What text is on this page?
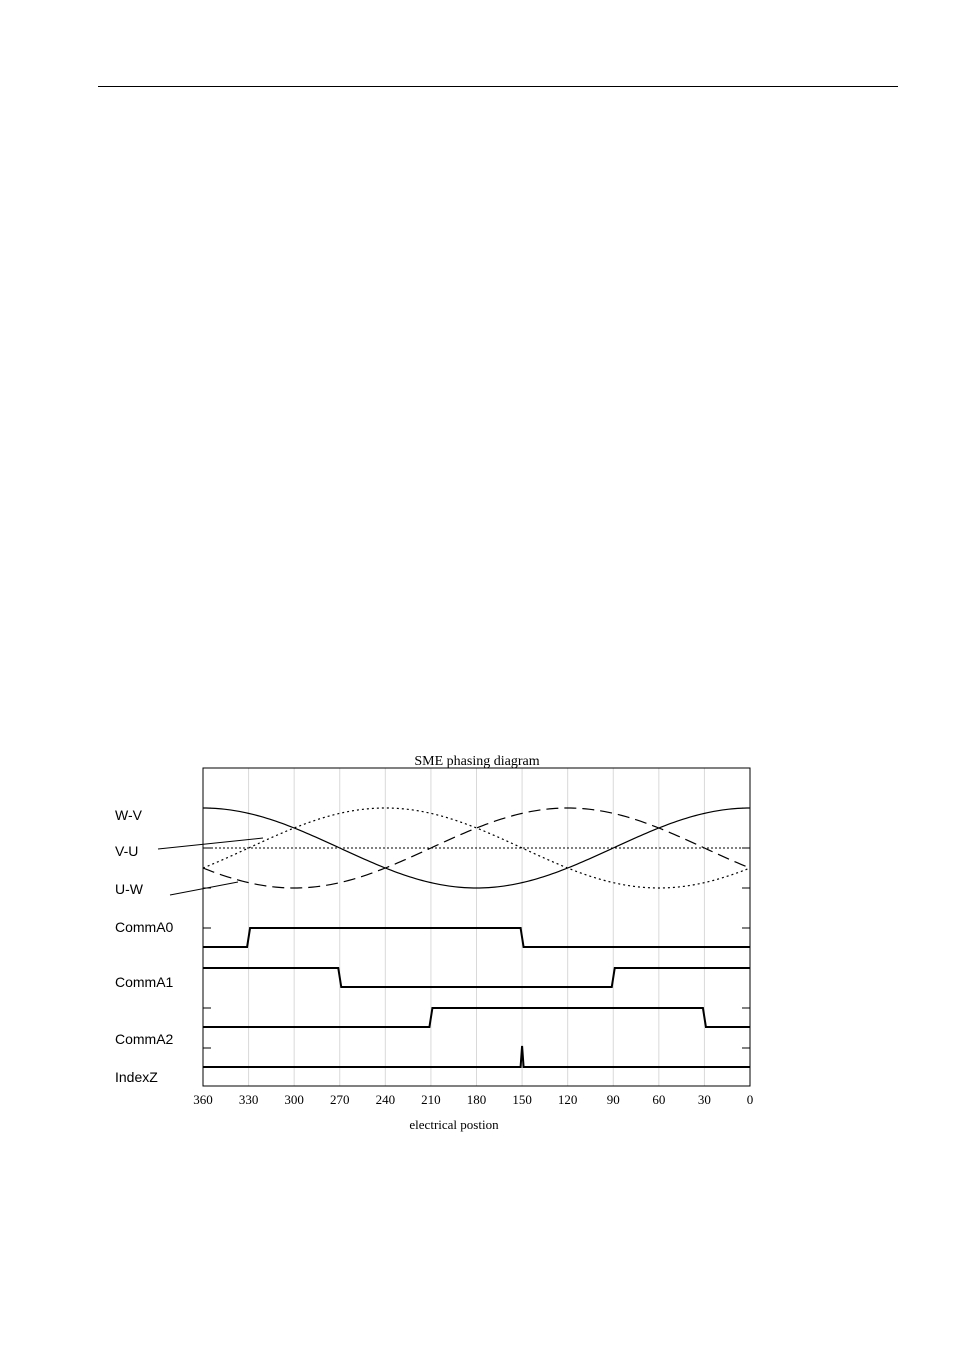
SME phasing diagram
360 330 300 270 240 210 180 150 120 90	60	30	0
W-V
V-U
U-W
CommA0
CommA1
CommA2
IndexZ
electrical postion
